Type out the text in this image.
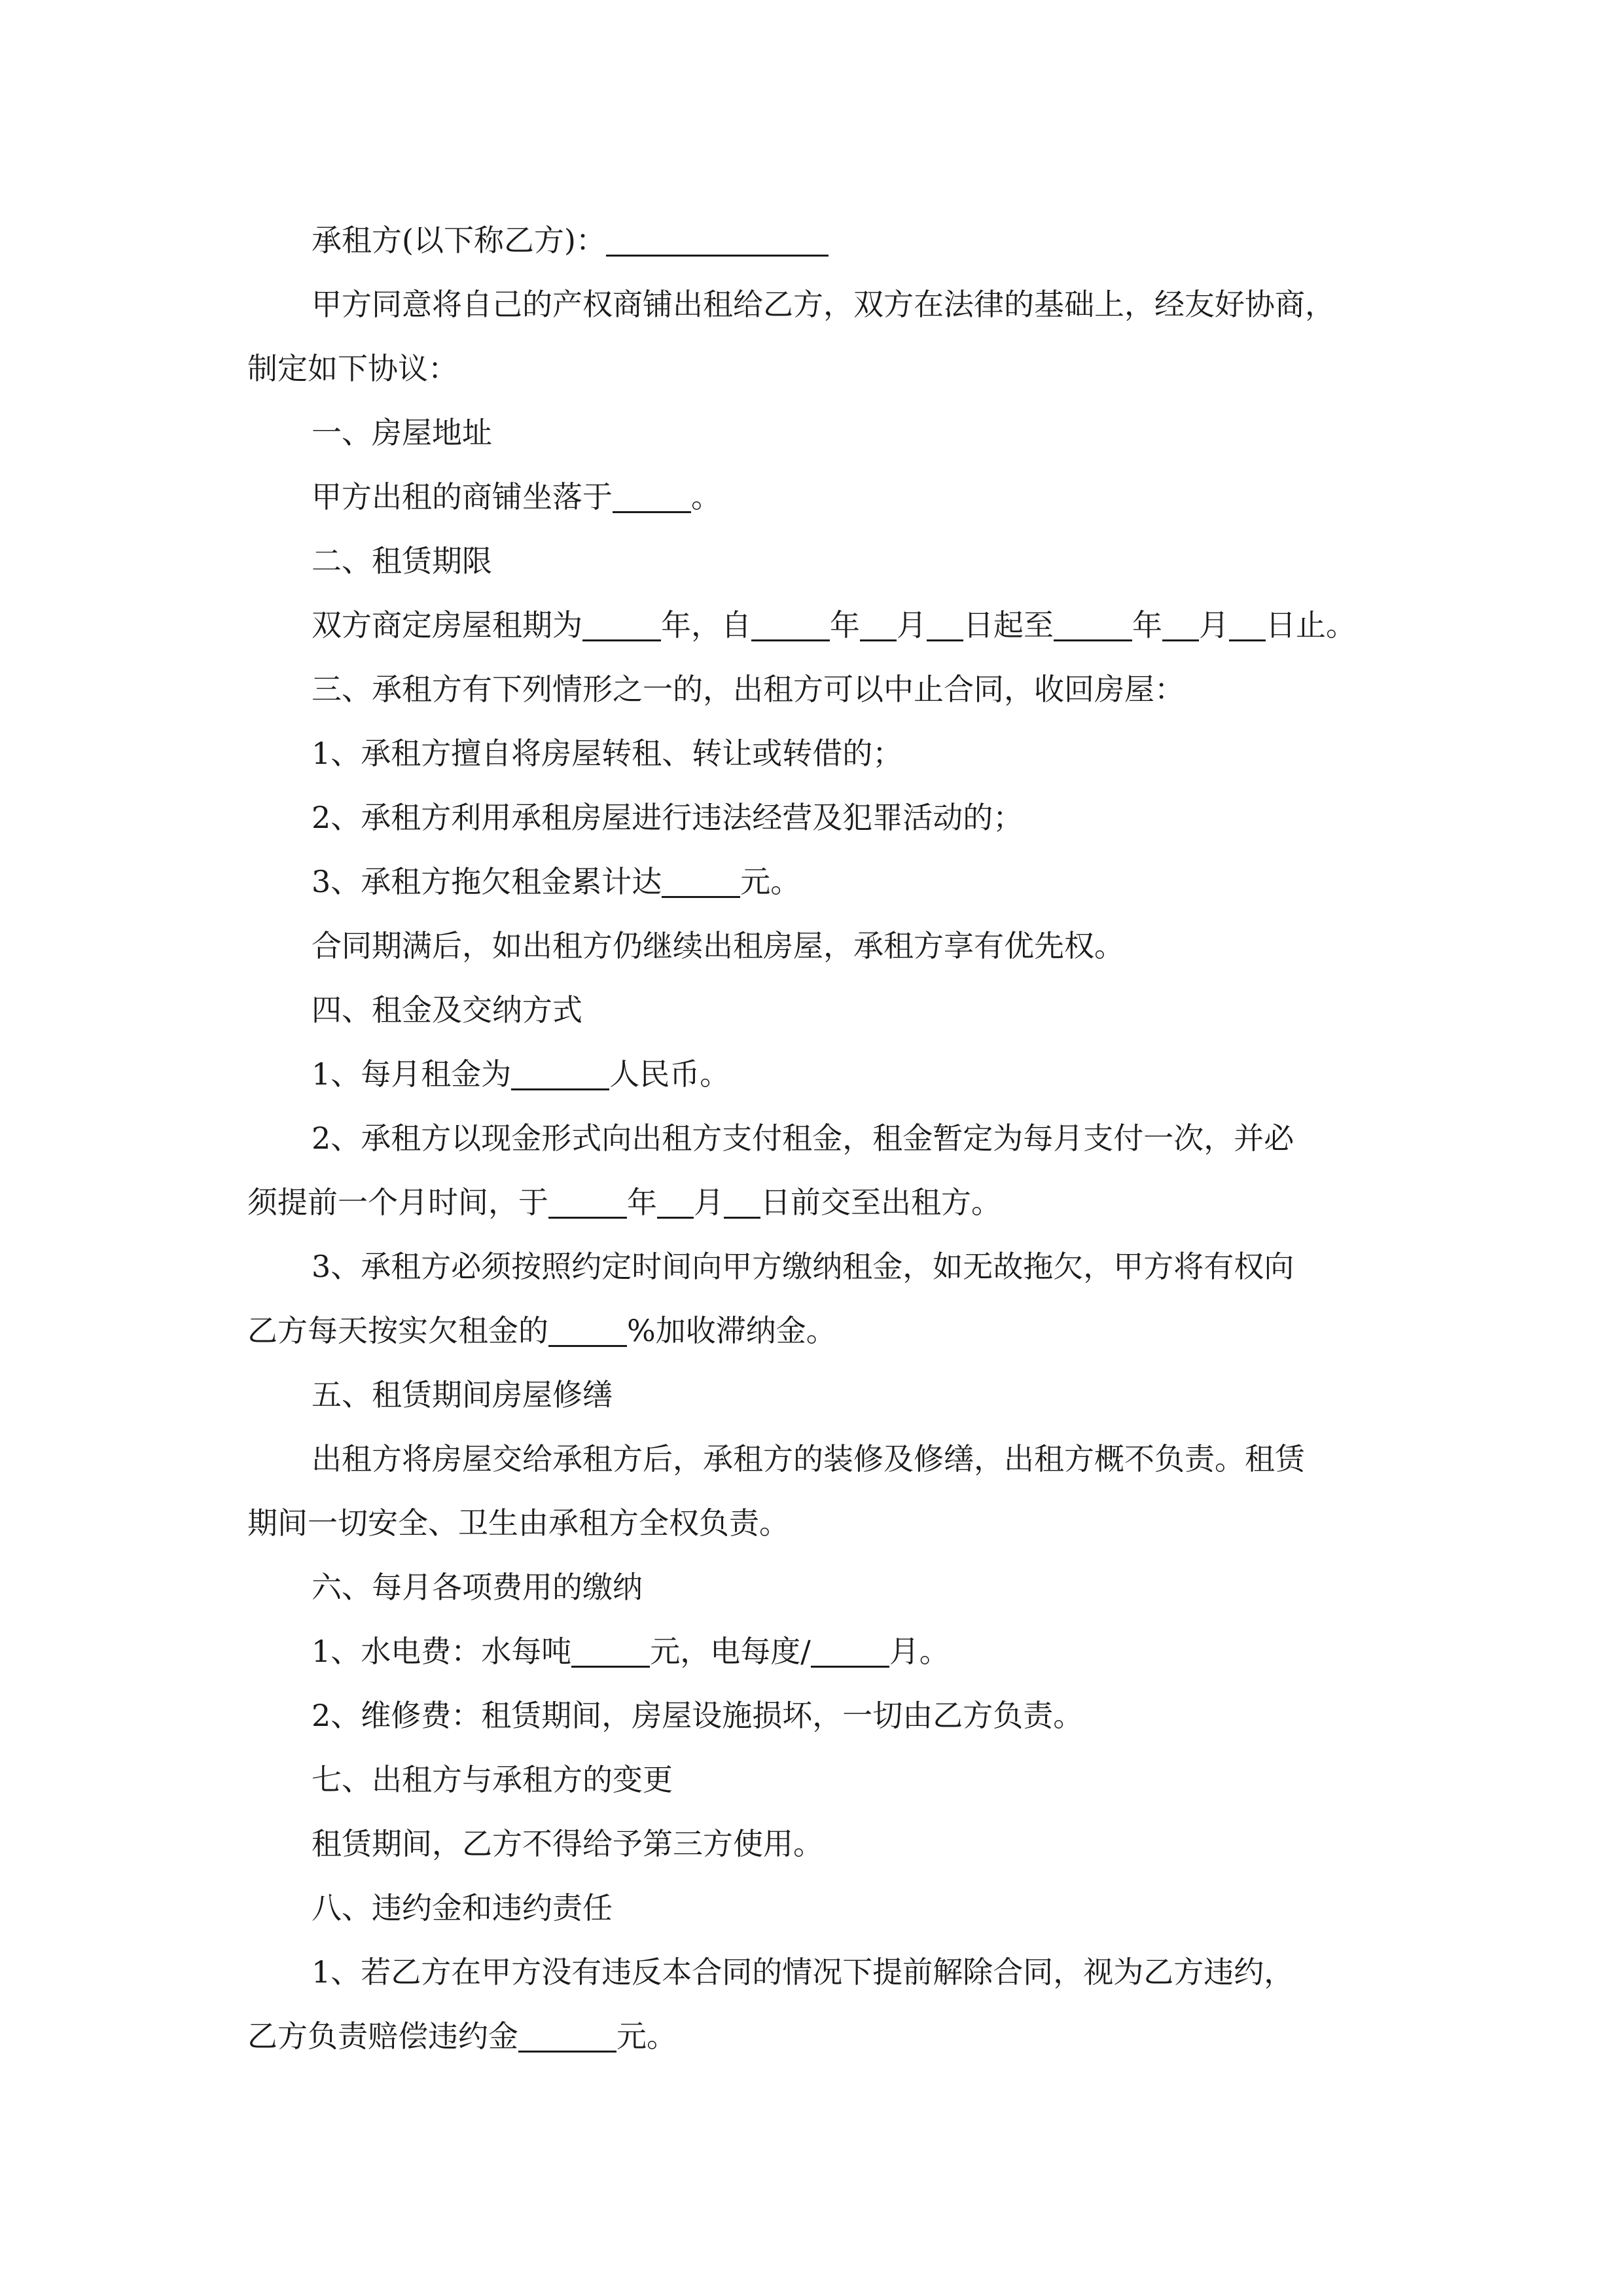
承租方(以下称乙方)：
甲方同意将自己的产权商铺出租给乙方，双方在法律的基础上，经友好协商，
制定如下协议：
一、房屋地址
甲方出租的商铺坐落于	。
二、租赁期限
双方商定房屋租期为	年，自	年 月 日起至	年 月 日止。
三、承租方有下列情形之一的，出租方可以中止合同，收回房屋：
1、承租方擅自将房屋转租、转让或转借的；
2、承租方利用承租房屋进行违法经营及犯罪活动的；
3、承租方拖欠租金累计达	元。
合同期满后，如出租方仍继续出租房屋，承租方享有优先权。
四、租金及交纳方式
1、每月租金为	人民币。
2、承租方以现金形式向出租方支付租金，租金暂定为每月支付一次，并必
须提前一个月时间，于	年 月 日前交至出租方。
3、承租方必须按照约定时间向甲方缴纳租金，如无故拖欠，甲方将有权向
乙方每天按实欠租金的	%加收滞纳金。
五、租赁期间房屋修缮
出租方将房屋交给承租方后，承租方的装修及修缮，出租方概不负责。租赁
期间一切安全、卫生由承租方全权负责。
六、每月各项费用的缴纳
1、水电费：水每吨	元，电每度/	月。
2、维修费：租赁期间，房屋设施损坏，一切由乙方负责。
七、出租方与承租方的变更
租赁期间，乙方不得给予第三方使用。
八、违约金和违约责任
1、若乙方在甲方没有违反本合同的情况下提前解除合同，视为乙方违约，
乙方负责赔偿违约金	元。
